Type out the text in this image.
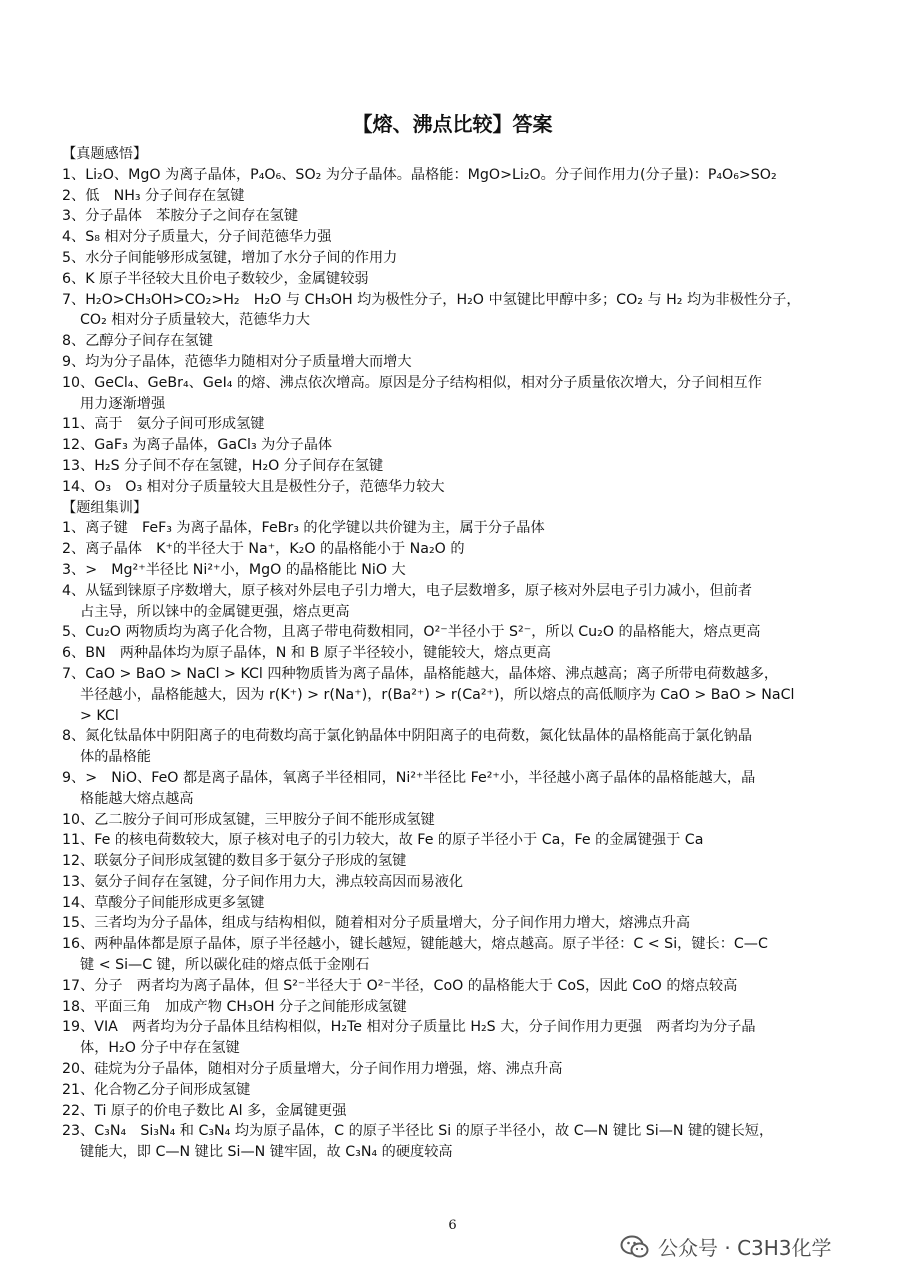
【熔、沸点比较】答案
【真题感悟】
1、Li₂O、MgO 为离子晶体，P₄O₆、SO₂ 为分子晶体。晶格能：MgO>Li₂O。分子间作用力(分子量)：P₄O₆>SO₂
2、低　NH₃ 分子间存在氢键
3、分子晶体　苯胺分子之间存在氢键
4、S₈ 相对分子质量大，分子间范德华力强
5、水分子间能够形成氢键，增加了水分子间的作用力
6、K 原子半径较大且价电子数较少，金属键较弱
7、H₂O>CH₃OH>CO₂>H₂　H₂O 与 CH₃OH 均为极性分子，H₂O 中氢键比甲醇中多；CO₂ 与 H₂ 均为非极性分子，
CO₂ 相对分子质量较大，范德华力大
8、乙醇分子间存在氢键
9、均为分子晶体，范德华力随相对分子质量增大而增大
10、GeCl₄、GeBr₄、GeI₄ 的熔、沸点依次增高。原因是分子结构相似，相对分子质量依次增大，分子间相互作
用力逐渐增强
11、高于　氨分子间可形成氢键
12、GaF₃ 为离子晶体，GaCl₃ 为分子晶体
13、H₂S 分子间不存在氢键，H₂O 分子间存在氢键
14、O₃　O₃ 相对分子质量较大且是极性分子，范德华力较大
【题组集训】
1、离子键　FeF₃ 为离子晶体，FeBr₃ 的化学键以共价键为主，属于分子晶体
2、离子晶体　K⁺的半径大于 Na⁺，K₂O 的晶格能小于 Na₂O 的
3、>　Mg²⁺半径比 Ni²⁺小，MgO 的晶格能比 NiO 大
4、从锰到铼原子序数增大，原子核对外层电子引力增大，电子层数增多，原子核对外层电子引力减小，但前者
占主导，所以铼中的金属键更强，熔点更高
5、Cu₂O 两物质均为离子化合物，且离子带电荷数相同，O²⁻半径小于 S²⁻，所以 Cu₂O 的晶格能大，熔点更高
6、BN　两种晶体均为原子晶体，N 和 B 原子半径较小，键能较大，熔点更高
7、CaO > BaO > NaCl > KCl 四种物质皆为离子晶体，晶格能越大，晶体熔、沸点越高；离子所带电荷数越多，
半径越小，晶格能越大，因为 r(K⁺) > r(Na⁺)，r(Ba²⁺) > r(Ca²⁺)，所以熔点的高低顺序为 CaO > BaO > NaCl
> KCl
8、氮化钛晶体中阴阳离子的电荷数均高于氯化钠晶体中阴阳离子的电荷数，氮化钛晶体的晶格能高于氯化钠晶
体的晶格能
9、>　NiO、FeO 都是离子晶体，氧离子半径相同，Ni²⁺半径比 Fe²⁺小，半径越小离子晶体的晶格能越大，晶
格能越大熔点越高
10、乙二胺分子间可形成氢键，三甲胺分子间不能形成氢键
11、Fe 的核电荷数较大，原子核对电子的引力较大，故 Fe 的原子半径小于 Ca，Fe 的金属键强于 Ca
12、联氨分子间形成氢键的数目多于氨分子形成的氢键
13、氨分子间存在氢键，分子间作用力大，沸点较高因而易液化
14、草酸分子间能形成更多氢键
15、三者均为分子晶体，组成与结构相似，随着相对分子质量增大，分子间作用力增大，熔沸点升高
16、两种晶体都是原子晶体，原子半径越小，键长越短，键能越大，熔点越高。原子半径：C < Si，键长：C—C
键 < Si—C 键，所以碳化硅的熔点低于金刚石
17、分子　两者均为离子晶体，但 S²⁻半径大于 O²⁻半径，CoO 的晶格能大于 CoS，因此 CoO 的熔点较高
18、平面三角　加成产物 CH₃OH 分子之间能形成氢键
19、VIA　两者均为分子晶体且结构相似，H₂Te 相对分子质量比 H₂S 大，分子间作用力更强　两者均为分子晶
体，H₂O 分子中存在氢键
20、硅烷为分子晶体，随相对分子质量增大，分子间作用力增强，熔、沸点升高
21、化合物乙分子间形成氢键
22、Ti 原子的价电子数比 Al 多，金属键更强
23、C₃N₄　Si₃N₄ 和 C₃N₄ 均为原子晶体，C 的原子半径比 Si 的原子半径小，故 C—N 键比 Si—N 键的键长短，
键能大，即 C—N 键比 Si—N 键牢固，故 C₃N₄ 的硬度较高
6
公众号 · C3H3化学
